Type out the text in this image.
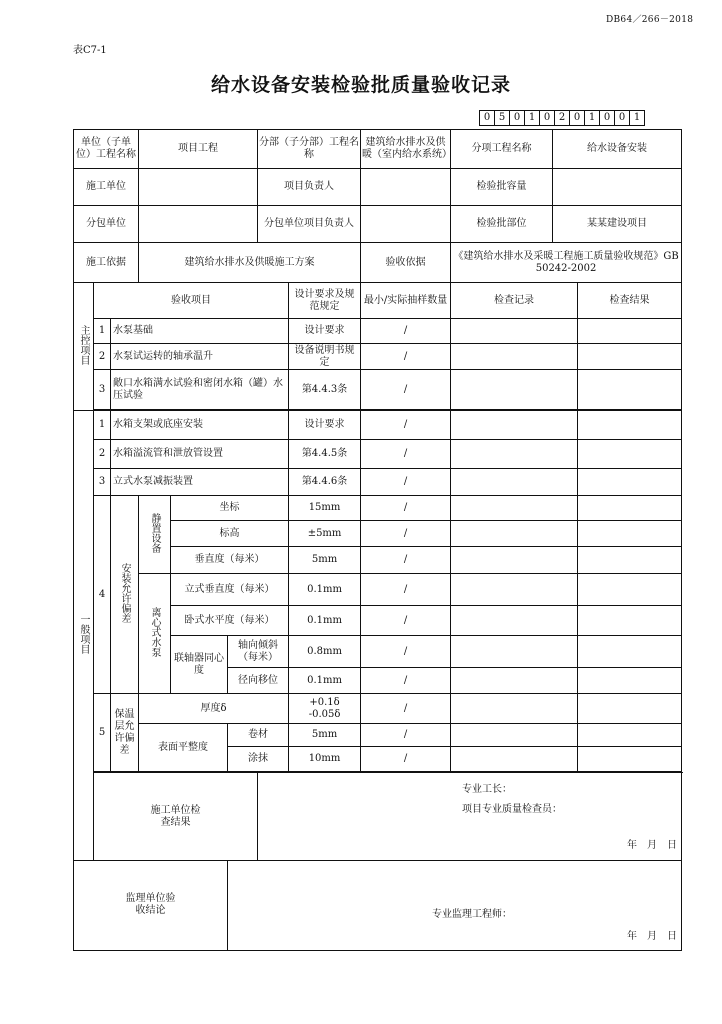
DB64／266－2018
表C7-1
给水设备安装检验批质量验收记录
0 5 0 1 0 2 0 1 0 0 1
单位（子单位）工程名称			项目工程			分部（子分部）工程名称		建筑给水排水及供暖（室内给水系统）	分项工程名称	给水设备安装	
施工单位						项目负责人			检验批容量		
分包单位						分包单位项目负责人			检验批部位	某某建设项目	
施工依据			建筑给水排水及供暖施工方案					验收依据	《建筑给水排水及采暖工程施工质量验收规范》GB50242-2002		
主控项目	验收项目						设计要求及规范规定	最小/实际抽样数量	检查记录		检查结果
	1	水泵基础					设计要求	/			
	2	水泵试运转的轴承温升					设备说明书规定	/			
	3	敞口水箱满水试验和密闭水箱（罐）水压试验					第4.4.3条	/			

一般项目	1	水箱支架或底座安装					设计要求	/			
	2	水箱溢流管和泄放管设置					第4.4.5条	/			
	3	立式水泵减振装置					第4.4.6条	/			
	4	安装允许偏差	静置设备	坐标			15mm	/			
				标高			±5mm	/			
				垂直度（每米）			5mm	/			
			离心式水泵	立式垂直度（每米）			0.1mm	/			
				卧式水平度（每米）			0.1mm	/			
				联轴器同心度	轴向倾斜（每米）		0.8mm	/			
					径向移位		0.1mm	/			
	5	保温层允许偏差	厚度δ				+0.1δ
-0.05δ	/			
			表面平整度		卷材		5mm	/			
					涂抹		10mm	/			

	施工单位检查结果					专业工长：
项目专业质量检查员：
年　月　日					

监理单位验收结论					专业监理工程师：
年　月　日						
